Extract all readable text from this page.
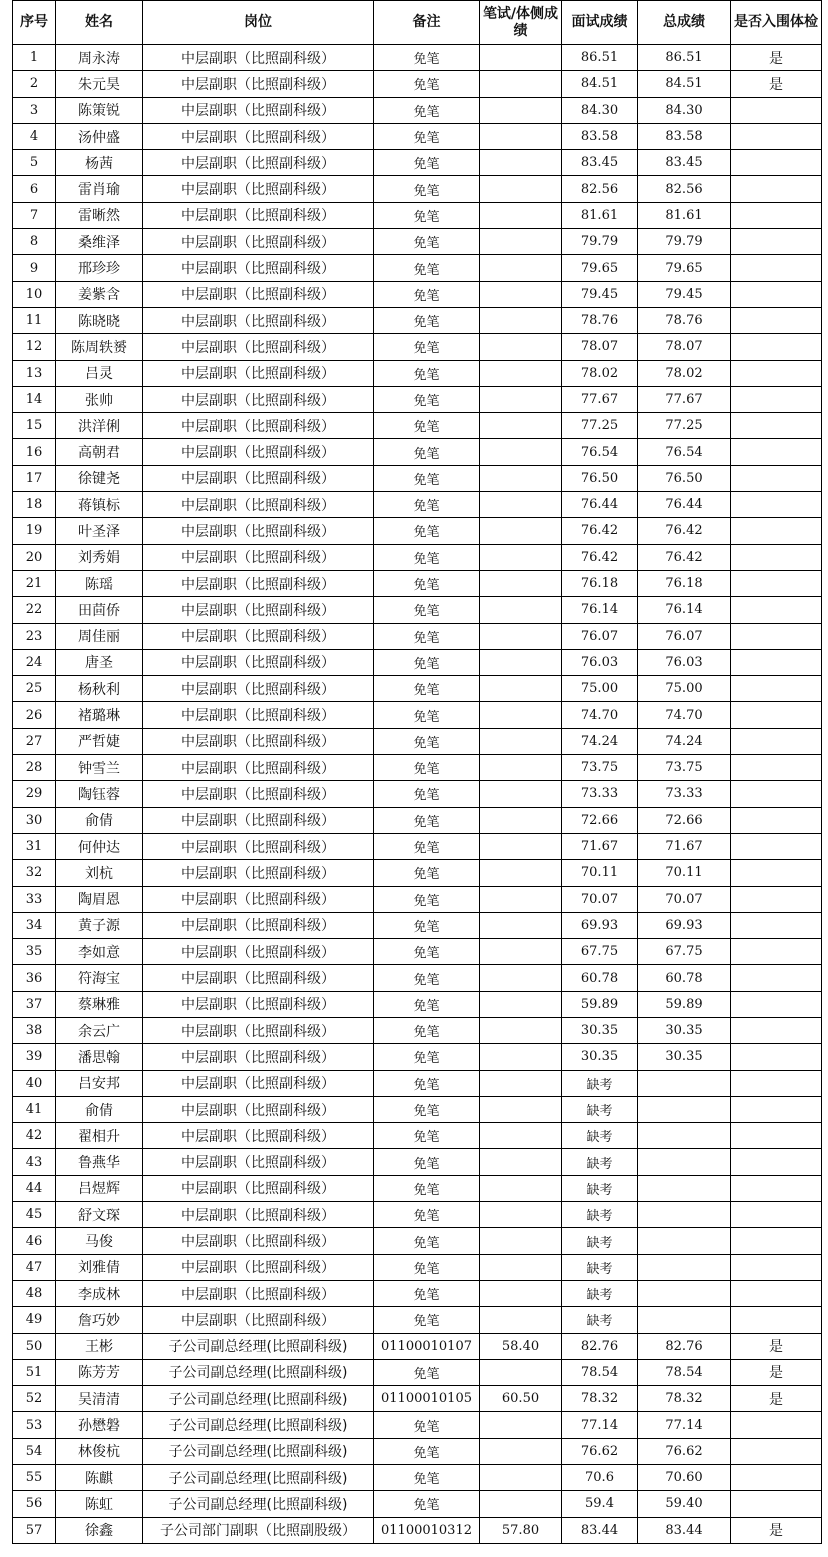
序号	姓名	岗位	备注	笔试/体侧成绩	面试成绩	总成绩	是否入围体检
1	周永涛	中层副职（比照副科级）	免笔		86.51	86.51	是
2	朱元昊	中层副职（比照副科级）	免笔		84.51	84.51	是
3	陈策锐	中层副职（比照副科级）	免笔		84.30	84.30	
4	汤仲盛	中层副职（比照副科级）	免笔		83.58	83.58	
5	杨茜	中层副职（比照副科级）	免笔		83.45	83.45	
6	雷肖瑜	中层副职（比照副科级）	免笔		82.56	82.56	
7	雷晰然	中层副职（比照副科级）	免笔		81.61	81.61	
8	桑维泽	中层副职（比照副科级）	免笔		79.79	79.79	
9	邢珍珍	中层副职（比照副科级）	免笔		79.65	79.65	
10	姜紫含	中层副职（比照副科级）	免笔		79.45	79.45	
11	陈晓晓	中层副职（比照副科级）	免笔		78.76	78.76	
12	陈周轶赟	中层副职（比照副科级）	免笔		78.07	78.07	
13	吕灵	中层副职（比照副科级）	免笔		78.02	78.02	
14	张帅	中层副职（比照副科级）	免笔		77.67	77.67	
15	洪洋俐	中层副职（比照副科级）	免笔		77.25	77.25	
16	高朝君	中层副职（比照副科级）	免笔		76.54	76.54	
17	徐键尧	中层副职（比照副科级）	免笔		76.50	76.50	
18	蒋镇标	中层副职（比照副科级）	免笔		76.44	76.44	
19	叶圣泽	中层副职（比照副科级）	免笔		76.42	76.42	
20	刘秀娟	中层副职（比照副科级）	免笔		76.42	76.42	
21	陈瑶	中层副职（比照副科级）	免笔		76.18	76.18	
22	田茴侨	中层副职（比照副科级）	免笔		76.14	76.14	
23	周佳丽	中层副职（比照副科级）	免笔		76.07	76.07	
24	唐圣	中层副职（比照副科级）	免笔		76.03	76.03	
25	杨秋利	中层副职（比照副科级）	免笔		75.00	75.00	
26	褚璐琳	中层副职（比照副科级）	免笔		74.70	74.70	
27	严哲婕	中层副职（比照副科级）	免笔		74.24	74.24	
28	钟雪兰	中层副职（比照副科级）	免笔		73.75	73.75	
29	陶钰蓉	中层副职（比照副科级）	免笔		73.33	73.33	
30	俞倩	中层副职（比照副科级）	免笔		72.66	72.66	
31	何仲达	中层副职（比照副科级）	免笔		71.67	71.67	
32	刘杭	中层副职（比照副科级）	免笔		70.11	70.11	
33	陶眉恩	中层副职（比照副科级）	免笔		70.07	70.07	
34	黄子源	中层副职（比照副科级）	免笔		69.93	69.93	
35	李如意	中层副职（比照副科级）	免笔		67.75	67.75	
36	符海宝	中层副职（比照副科级）	免笔		60.78	60.78	
37	蔡琳雅	中层副职（比照副科级）	免笔		59.89	59.89	
38	余云广	中层副职（比照副科级）	免笔		30.35	30.35	
39	潘思翰	中层副职（比照副科级）	免笔		30.35	30.35	
40	吕安邦	中层副职（比照副科级）	免笔		缺考		
41	俞倩	中层副职（比照副科级）	免笔		缺考		
42	翟相升	中层副职（比照副科级）	免笔		缺考		
43	鲁燕华	中层副职（比照副科级）	免笔		缺考		
44	吕煜辉	中层副职（比照副科级）	免笔		缺考		
45	舒文琛	中层副职（比照副科级）	免笔		缺考		
46	马俊	中层副职（比照副科级）	免笔		缺考		
47	刘雅倩	中层副职（比照副科级）	免笔		缺考		
48	李成林	中层副职（比照副科级）	免笔		缺考		
49	詹巧妙	中层副职（比照副科级）	免笔		缺考		
50	王彬	子公司副总经理(比照副科级)	01100010107	58.40	82.76	82.76	是
51	陈芳芳	子公司副总经理(比照副科级)	免笔		78.54	78.54	是
52	吴清清	子公司副总经理(比照副科级)	01100010105	60.50	78.32	78.32	是
53	孙懋磐	子公司副总经理(比照副科级)	免笔		77.14	77.14	
54	林俊杭	子公司副总经理(比照副科级)	免笔		76.62	76.62	
55	陈麒	子公司副总经理(比照副科级)	免笔		70.6	70.60	
56	陈虹	子公司副总经理(比照副科级)	免笔		59.4	59.40	
57	徐鑫	子公司部门副职（比照副股级）	01100010312	57.80	83.44	83.44	是
